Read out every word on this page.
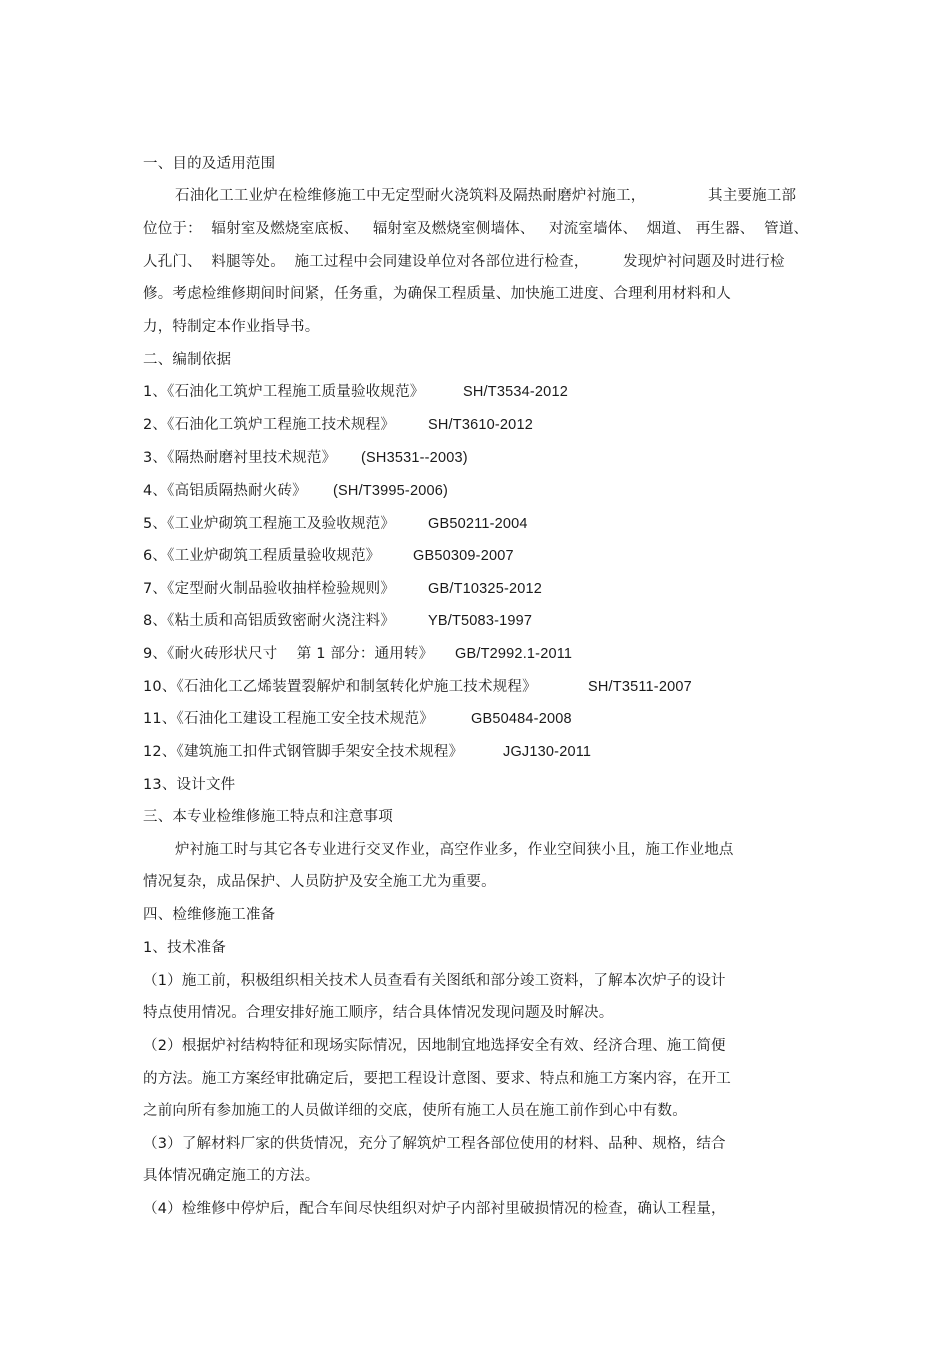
一、目的及适用范围
石油化工工业炉在检维修施工中无定型耐火浇筑料及隔热耐磨炉衬施工，	其主要施工部
位位于：  辐射室及燃烧室底板、   辐射室及燃烧室侧墙体、   对流室墙体、  烟道、 再生器、  管道、
人孔门、  料腿等处。  施工过程中会同建设单位对各部位进行检查， 发现炉衬问题及时进行检
修。考虑检维修期间时间紧，任务重，为确保工程质量、加快施工进度、合理利用材料和人
力，特制定本作业指导书。
二、编制依据
1、《石油化工筑炉工程施工质量验收规范》	SH/T3534-2012
2、《石油化工筑炉工程施工技术规程》 SH/T3610-2012
3、《隔热耐磨衬里技术规范》 (SH3531--2003)
4、《高铝质隔热耐火砖》 (SH/T3995-2006)
5、《工业炉砌筑工程施工及验收规范》 GB50211-2004
6、《工业炉砌筑工程质量验收规范》 GB50309-2007
7、《定型耐火制品验收抽样检验规则》 GB/T10325-2012
8、《粘土质和高铝质致密耐火浇注料》 YB/T5083-1997
9、《耐火砖形状尺寸    第 1 部分：通用转》 GB/T2992.1-2011
10、《石油化工乙烯装置裂解炉和制氢转化炉施工技术规程》	SH/T3511-2007
11、《石油化工建设工程施工安全技术规范》	GB50484-2008
12、《建筑施工扣件式钢管脚手架安全技术规程》	JGJ130-2011
13、设计文件
三、本专业检维修施工特点和注意事项
炉衬施工时与其它各专业进行交叉作业，高空作业多，作业空间狭小且，施工作业地点
情况复杂，成品保护、人员防护及安全施工尤为重要。
四、检维修施工准备
1、技术准备
（1）施工前，积极组织相关技术人员查看有关图纸和部分竣工资料，了解本次炉子的设计
特点使用情况。合理安排好施工顺序，结合具体情况发现问题及时解决。
（2）根据炉衬结构特征和现场实际情况，因地制宜地选择安全有效、经济合理、施工简便
的方法。施工方案经审批确定后，要把工程设计意图、要求、特点和施工方案内容，在开工
之前向所有参加施工的人员做详细的交底，使所有施工人员在施工前作到心中有数。
（3）了解材料厂家的供货情况，充分了解筑炉工程各部位使用的材料、品种、规格，结合
具体情况确定施工的方法。
（4）检维修中停炉后，配合车间尽快组织对炉子内部衬里破损情况的检查，确认工程量，
